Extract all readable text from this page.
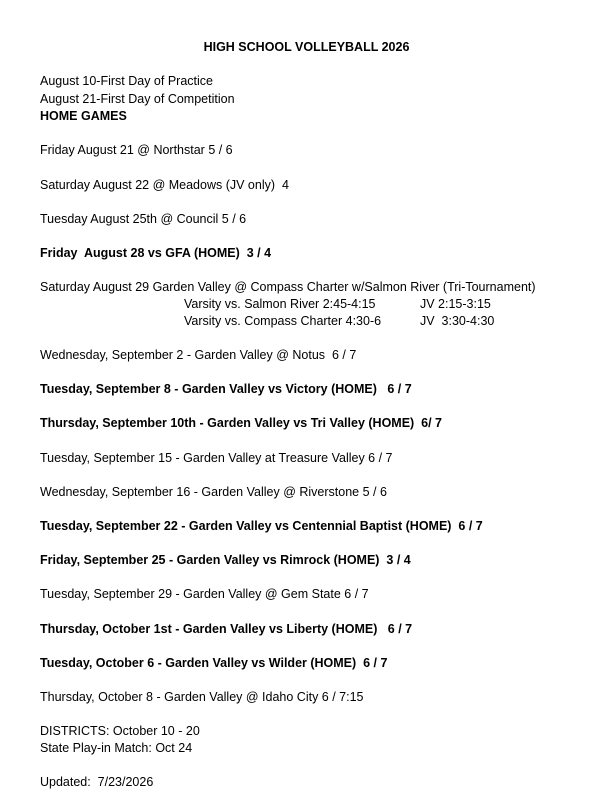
HIGH SCHOOL VOLLEYBALL 2026
August 10-First Day of Practice
August 21-First Day of Competition
HOME GAMES
Friday August 21 @ Northstar 5 / 6
Saturday August 22 @ Meadows (JV only)  4
Tuesday August 25th @ Council 5 / 6
Friday  August 28 vs GFA (HOME)  3 / 4
Saturday August 29 Garden Valley @ Compass Charter w/Salmon River (Tri-Tournament)
Varsity vs. Salmon River 2:45-4:15	JV 2:15-3:15
Varsity vs. Compass Charter 4:30-6	JV  3:30-4:30
Wednesday, September 2 - Garden Valley @ Notus  6 / 7
Tuesday, September 8 - Garden Valley vs Victory (HOME)   6 / 7
Thursday, September 10th - Garden Valley vs Tri Valley (HOME)  6/ 7
Tuesday, September 15 - Garden Valley at Treasure Valley 6 / 7
Wednesday, September 16 - Garden Valley @ Riverstone 5 / 6
Tuesday, September 22 - Garden Valley vs Centennial Baptist (HOME)  6 / 7
Friday, September 25 - Garden Valley vs Rimrock (HOME)  3 / 4
Tuesday, September 29 - Garden Valley @ Gem State 6 / 7
Thursday, October 1st - Garden Valley vs Liberty (HOME)   6 / 7
Tuesday, October 6 - Garden Valley vs Wilder (HOME)  6 / 7
Thursday, October 8 - Garden Valley @ Idaho City 6 / 7:15
DISTRICTS: October 10 - 20
State Play-in Match: Oct 24
Updated:  7/23/2026
